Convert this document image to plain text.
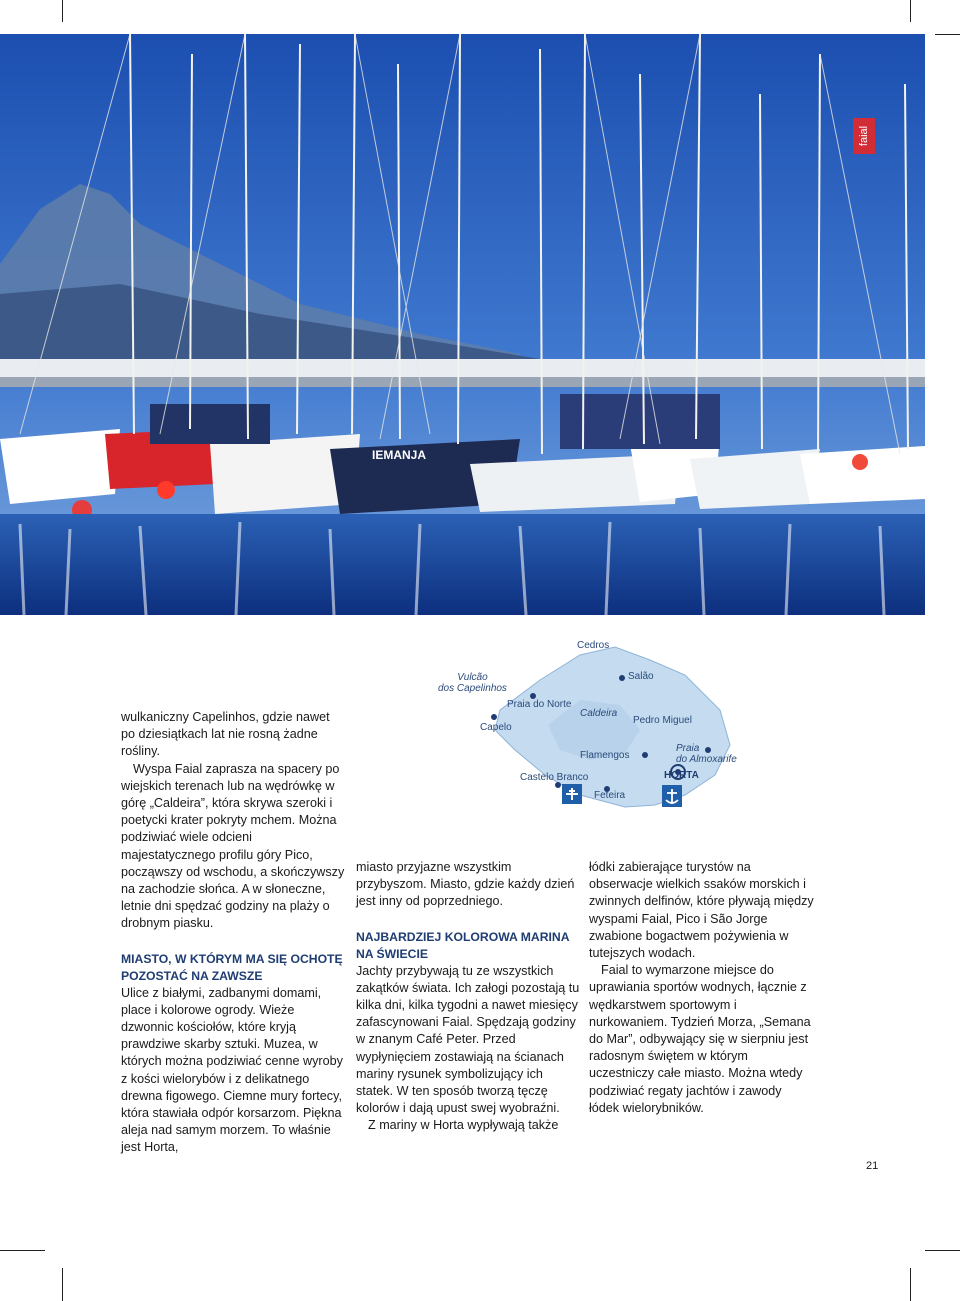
IEMANJA
faial
Cedros
Salão
Vulcão
dos Capelinhos
Praia do Norte
Capelo
Caldeira
Pedro Miguel
Flamengos
Praia
do Almoxarife
Castelo Branco	HORTA
Feteira

wulkaniczny Capelinhos, gdzie nawet po dziesiątkach lat nie rosną żadne rośliny.

Wyspa Faial zaprasza na spacery po wiejskich terenach lub na wędrówkę w górę „Caldeira”, która skrywa szeroki i poetycki krater pokryty mchem. Można podziwiać wiele odcieni majestatycznego profilu góry Pico, począwszy od wschodu, a skończywszy na zachodzie słońca. A w słoneczne, letnie dni spędzać godziny na plaży o drobnym piasku.

MIASTO, W KTÓRYM MA SIĘ OCHOTĘ POZOSTAĆ NA ZAWSZE

Ulice z białymi, zadbanymi domami, place i kolorowe ogrody. Wieże dzwonnic kościołów, które kryją prawdziwe skarby sztuki. Muzea, w których można podziwiać cenne wyroby z kości wielorybów i z delikatnego drewna figowego. Ciemne mury fortecy, która stawiała odpór korsarzom. Piękna aleja nad samym morzem. To właśnie jest Horta,

miasto przyjazne wszystkim przybyszom. Miasto, gdzie każdy dzień jest inny od poprzedniego.

NAJBARDZIEJ KOLOROWA MARINA NA ŚWIECIE

Jachty przybywają tu ze wszystkich zakątków świata. Ich załogi pozostają tu kilka dni, kilka tygodni a nawet miesięcy zafascynowani Faial. Spędzają godziny w znanym Café Peter. Przed wypłynięciem zostawiają na ścianach mariny rysunek symbolizujący ich statek. W ten sposób tworzą tęczę kolorów i dają upust swej wyobraźni.

Z mariny w Horta wypływają także

łódki zabierające turystów na obserwacje wielkich ssaków morskich i zwinnych delfinów, które pływają między wyspami Faial, Pico i São Jorge zwabione bogactwem pożywienia w tutejszych wodach.

Faial to wymarzone miejsce do uprawiania sportów wodnych, łącznie z wędkarstwem sportowym i nurkowaniem. Tydzień Morza, „Semana do Mar”, odbywający się w sierpniu jest radosnym świętem w którym uczestniczy całe miasto. Można wtedy podziwiać regaty jachtów i zawody łódek wielorybników.

21
